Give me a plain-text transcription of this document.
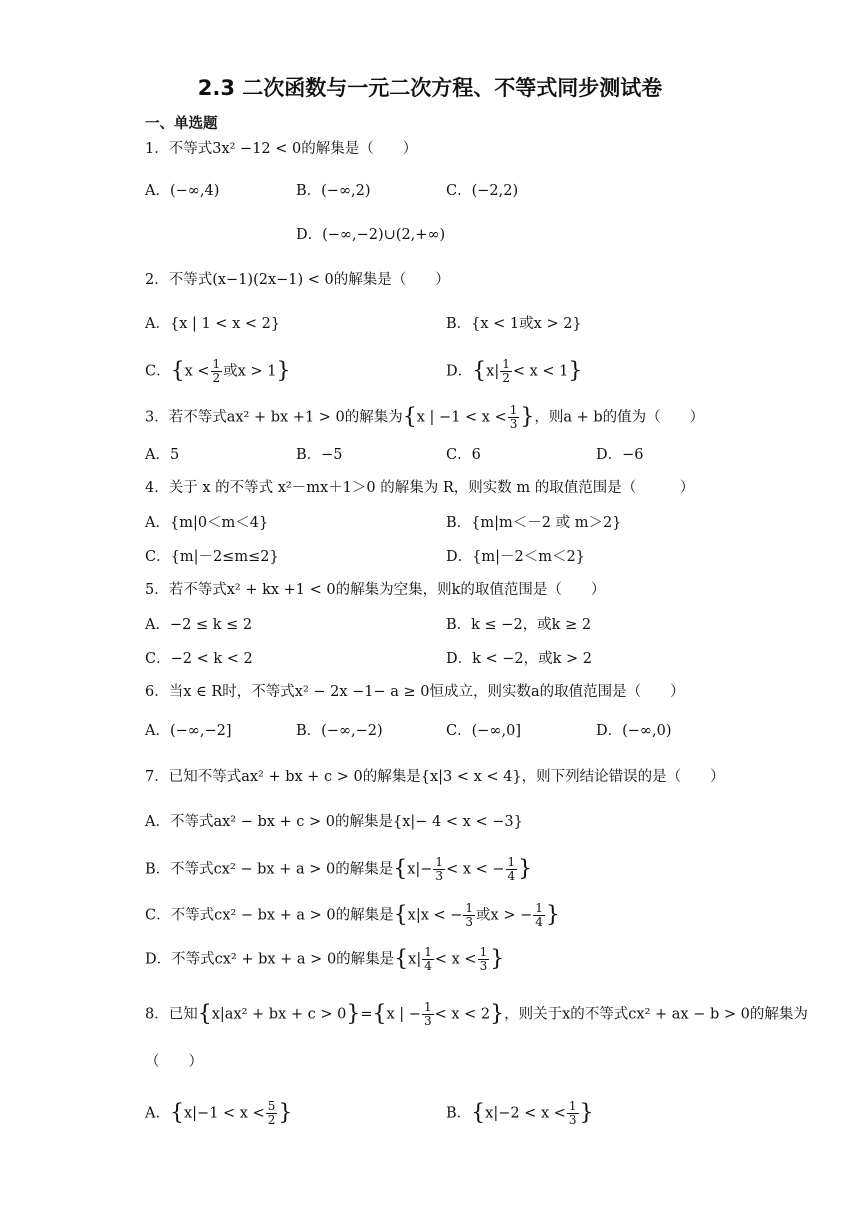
2.3 二次函数与一元二次方程、不等式同步测试卷
一、单选题
1．不等式3x² −12 < 0的解集是（　　）
A．(−∞,4)	B．(−∞,2)	C．(−2,2)
D．(−∞,−2)∪(2,+∞)
2．不等式(x−1)(2x−1) < 0的解集是（　　）
A．{x | 1 < x < 2}	B．{x < 1或x > 2}
C．{$x < \frac{1}{2}$ 或x > 1}	D．$\{x| \frac{1}{2} < x < 1\}$
3．若不等式ax² + bx +1 > 0的解集为{x | $-1 < x < \frac{1}{3}$ }，则a + b的值为（　　）
A．5	B．−5	C．6	D．−6
4．关于 x 的不等式 x²－mx＋1＞0 的解集为 R，则实数 m 的取值范围是（　　　）
A．{m|0＜m＜4}	B．{m|m＜－2 或 m＞2}
C．{m|－2≤m≤2}	D．{m|－2＜m＜2}
5．若不等式x² + kx +1 < 0的解集为空集，则k的取值范围是（　　）
A．−2 ≤ k ≤ 2	B．k ≤ −2，或k ≥ 2
C．−2 < k < 2	D．k < −2，或k > 2
6．当x ∈ R时，不等式x² − 2x −1− a ≥ 0恒成立，则实数a的取值范围是（　　）
A．(−∞,−2]	B．(−∞,−2)	C．(−∞,0]	D．(−∞,0)
7．已知不等式ax² + bx + c > 0的解集是{x|3 < x < 4}，则下列结论错误的是（　　）
A．不等式ax² − bx + c > 0的解集是{x|− 4 < x < −3}
B．不等式cx² − bx + a > 0的解集是{$x|- \frac{1}{3} < x$ < − $\frac{1}{4}$ }
C．不等式cx² − bx + a > 0的解集是{x|x < − $\frac{1}{3}$ 或x > − $\frac{1}{4}$ }
D．不等式cx² + bx + a > 0的解集是{$x| \frac{1}{4} < x < \frac{1}{3}$ }
8．已知{x|ax² + bx + c > 0}={x | − $\frac{1}{3} < x < 2$}，则关于x的不等式cx² + ax − b > 0的解集为
（　　）
A．{$x|-1 < x < \frac{5}{2}$ }	B．{$x|-2 < x < \frac{1}{3}$ }
